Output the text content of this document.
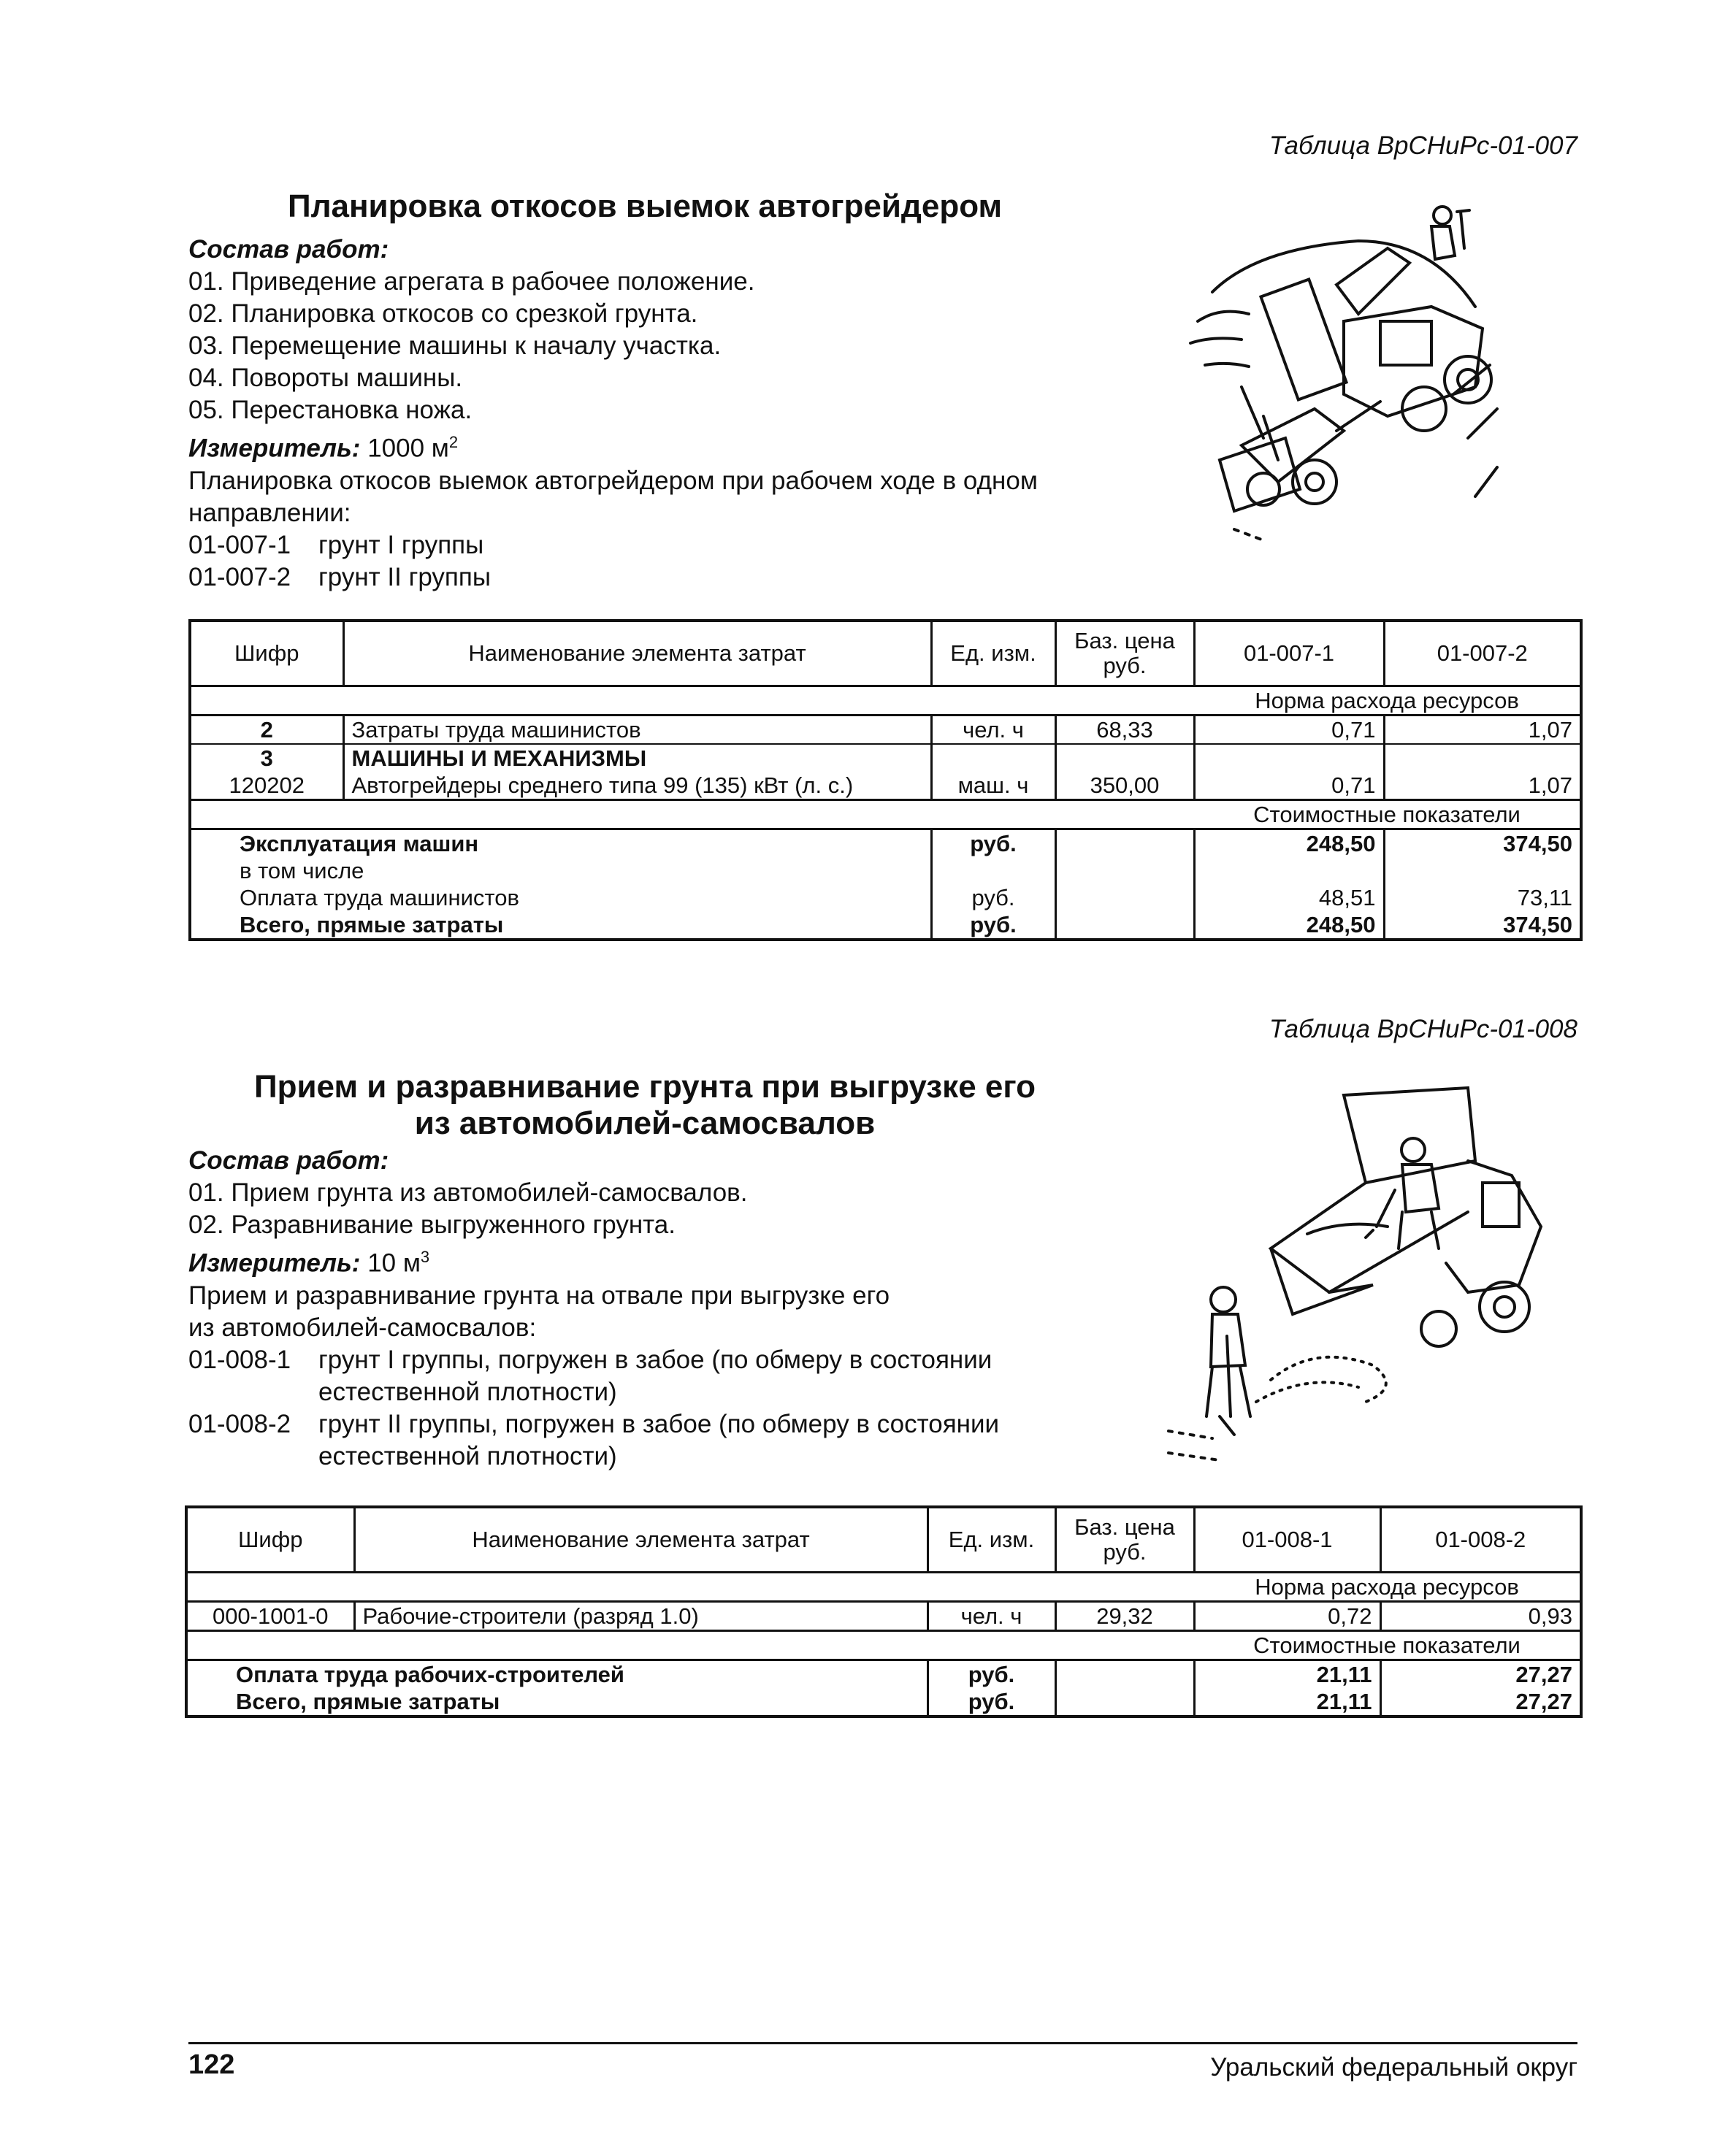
Таблица ВрСНиРс-01-007
Планировка откосов выемок автогрейдером
Состав работ:
01. Приведение агрегата в рабочее положение.
02. Планировка откосов со срезкой грунта.
03. Перемещение машины к началу участка.
04. Повороты машины.
05. Перестановка ножа.
Измеритель: 1000 $м^2$
Планировка откосов выемок автогрейдером при рабочем ходе в одном
направлении:
01-007-1 грунт I группы
01-007-2 грунт II группы
Шифр	Наименование элемента затрат	Ед. изм.	Баз. цена руб.	01-007-1	01-007-2
				Норма расхода ресурсов	
2	Затраты труда машинистов	чел. ч	68,33	0,71	1,07
3	МАШИНЫ И МЕХАНИЗМЫ				
120202	Автогрейдеры среднего типа 99 (135) кВт (л. с.)	маш. ч	350,00	0,71	1,07
				Стоимостные показатели	
Эксплуатация машин		руб.		248,50	374,50
в том числе					
Оплата труда машинистов		руб.		48,51	73,11
Всего, прямые затраты		руб.		248,50	374,50
Таблица ВрСНиРс-01-008
Прием и разравнивание грунта при выгрузке его
из автомобилей-самосвалов
Состав работ:
01. Прием грунта из автомобилей-самосвалов.
02. Разравнивание выгруженного грунта.
Измеритель: 10 $м^3$
Прием и разравнивание грунта на отвале при выгрузке его
из автомобилей-самосвалов:
01-008-1 грунт I группы, погружен в забое (по обмеру в состоянии
естественной плотности)
01-008-2 грунт II группы, погружен в забое (по обмеру в состоянии
естественной плотности)
Шифр	Наименование элемента затрат	Ед. изм.	Баз. цена руб.	01-008-1	01-008-2
				Норма расхода ресурсов	
000-1001-0	Рабочие-строители (разряд 1.0)	чел. ч	29,32	0,72	0,93
				Стоимостные показатели	
Оплата труда рабочих-строителей		руб.		21,11	27,27
Всего, прямые затраты		руб.		21,11	27,27
122	Уральский федеральный округ
